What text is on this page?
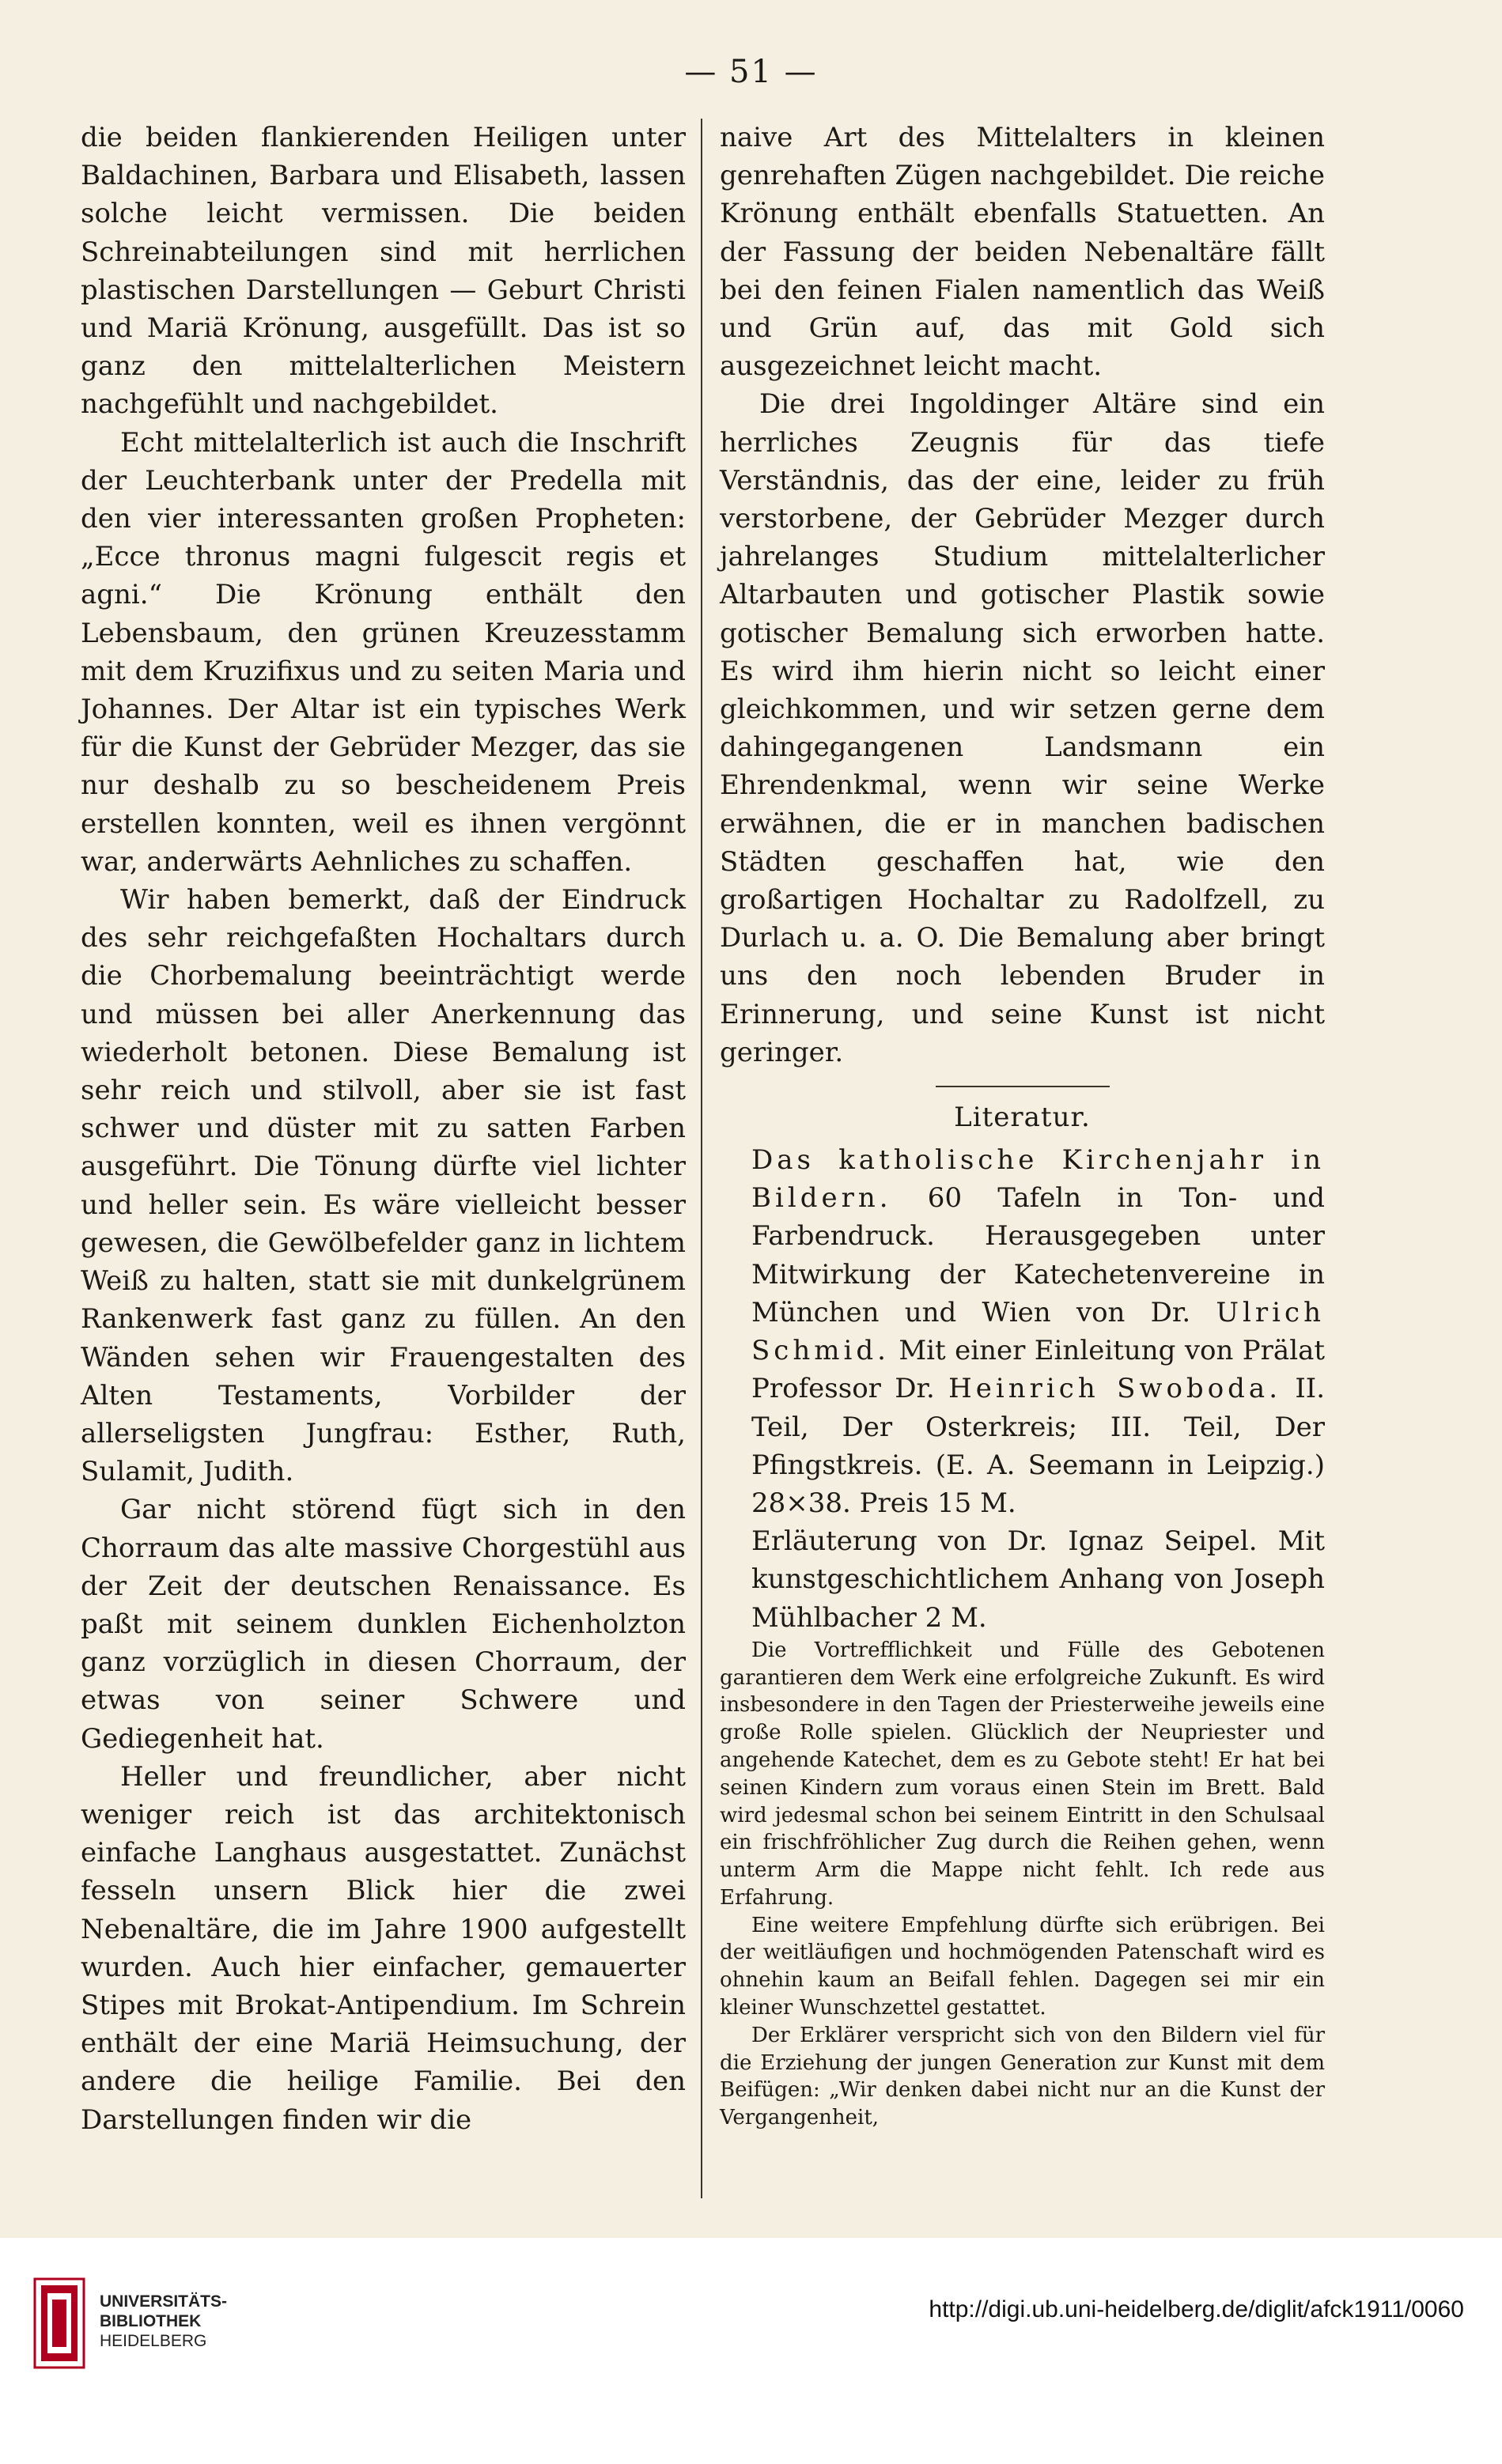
— 51 —

die beiden flankierenden Heiligen unter Baldachinen, Barbara und Elisabeth, lassen solche leicht vermissen. Die beiden Schreinabteilungen sind mit herrlichen plastischen Darstellungen — Geburt Christi und Mariä Krönung, ausgefüllt. Das ist so ganz den mittelalterlichen Meistern nachgefühlt und nachgebildet.

Echt mittelalterlich ist auch die Inschrift der Leuchterbank unter der Predella mit den vier interessanten großen Propheten: „Ecce thronus magni fulgescit regis et agni.“ Die Krönung enthält den Lebensbaum, den grünen Kreuzesstamm mit dem Kruzifixus und zu seiten Maria und Johannes. Der Altar ist ein typisches Werk für die Kunst der Gebrüder Mezger, das sie nur deshalb zu so bescheidenem Preis erstellen konnten, weil es ihnen vergönnt war, anderwärts Aehnliches zu schaffen.

Wir haben bemerkt, daß der Eindruck des sehr reichgefaßten Hochaltars durch die Chorbemalung beeinträchtigt werde und müssen bei aller Anerkennung das wiederholt betonen. Diese Bemalung ist sehr reich und stilvoll, aber sie ist fast schwer und düster mit zu satten Farben ausgeführt. Die Tönung dürfte viel lichter und heller sein. Es wäre vielleicht besser gewesen, die Gewölbefelder ganz in lichtem Weiß zu halten, statt sie mit dunkelgrünem Rankenwerk fast ganz zu füllen. An den Wänden sehen wir Frauengestalten des Alten Testaments, Vorbilder der allerseligsten Jungfrau: Esther, Ruth, Sulamit, Judith.

Gar nicht störend fügt sich in den Chorraum das alte massive Chorgestühl aus der Zeit der deutschen Renaissance. Es paßt mit seinem dunklen Eichenholzton ganz vorzüglich in diesen Chorraum, der etwas von seiner Schwere und Gediegenheit hat.

Heller und freundlicher, aber nicht weniger reich ist das architektonisch einfache Langhaus ausgestattet. Zunächst fesseln unsern Blick hier die zwei Nebenaltäre, die im Jahre 1900 aufgestellt wurden. Auch hier einfacher, gemauerter Stipes mit Brokat-Antipendium. Im Schrein enthält der eine Mariä Heimsuchung, der andere die heilige Familie. Bei den Darstellungen finden wir die

naive Art des Mittelalters in kleinen genrehaften Zügen nachgebildet. Die reiche Krönung enthält ebenfalls Statuetten. An der Fassung der beiden Nebenaltäre fällt bei den feinen Fialen namentlich das Weiß und Grün auf, das mit Gold sich ausgezeichnet leicht macht.

Die drei Ingoldinger Altäre sind ein herrliches Zeugnis für das tiefe Verständnis, das der eine, leider zu früh verstorbene, der Gebrüder Mezger durch jahrelanges Studium mittelalterlicher Altarbauten und gotischer Plastik sowie gotischer Bemalung sich erworben hatte. Es wird ihm hierin nicht so leicht einer gleichkommen, und wir setzen gerne dem dahingegangenen Landsmann ein Ehrendenkmal, wenn wir seine Werke erwähnen, die er in manchen badischen Städten geschaffen hat, wie den großartigen Hochaltar zu Radolfzell, zu Durlach u. a. O. Die Bemalung aber bringt uns den noch lebenden Bruder in Erinnerung, und seine Kunst ist nicht geringer.

Literatur.

Das katholische Kirchenjahr in Bildern. 60 Tafeln in Ton- und Farbendruck. Herausgegeben unter Mitwirkung der Katechetenvereine in München und Wien von Dr. Ulrich Schmid. Mit einer Einleitung von Prälat Professor Dr. Heinrich Swoboda. II. Teil, Der Osterkreis; III. Teil, Der Pfingstkreis. (E. A. Seemann in Leipzig.) 28×38. Preis 15 M.

Erläuterung von Dr. Ignaz Seipel. Mit kunstgeschichtlichem Anhang von Joseph Mühlbacher 2 M.

Die Vortrefflichkeit und Fülle des Gebotenen garantieren dem Werk eine erfolgreiche Zukunft. Es wird insbesondere in den Tagen der Priesterweihe jeweils eine große Rolle spielen. Glücklich der Neupriester und angehende Katechet, dem es zu Gebote steht! Er hat bei seinen Kindern zum voraus einen Stein im Brett. Bald wird jedesmal schon bei seinem Eintritt in den Schulsaal ein frischfröhlicher Zug durch die Reihen gehen, wenn unterm Arm die Mappe nicht fehlt. Ich rede aus Erfahrung.

Eine weitere Empfehlung dürfte sich erübrigen. Bei der weitläufigen und hochmögenden Patenschaft wird es ohnehin kaum an Beifall fehlen. Dagegen sei mir ein kleiner Wunschzettel gestattet.

Der Erklärer verspricht sich von den Bildern viel für die Erziehung der jungen Generation zur Kunst mit dem Beifügen: „Wir denken dabei nicht nur an die Kunst der Vergangenheit,

UNIVERSITÄTS-
BIBLIOTHEK
HEIDELBERG
http://digi.ub.uni-heidelberg.de/diglit/afck1911/0060
